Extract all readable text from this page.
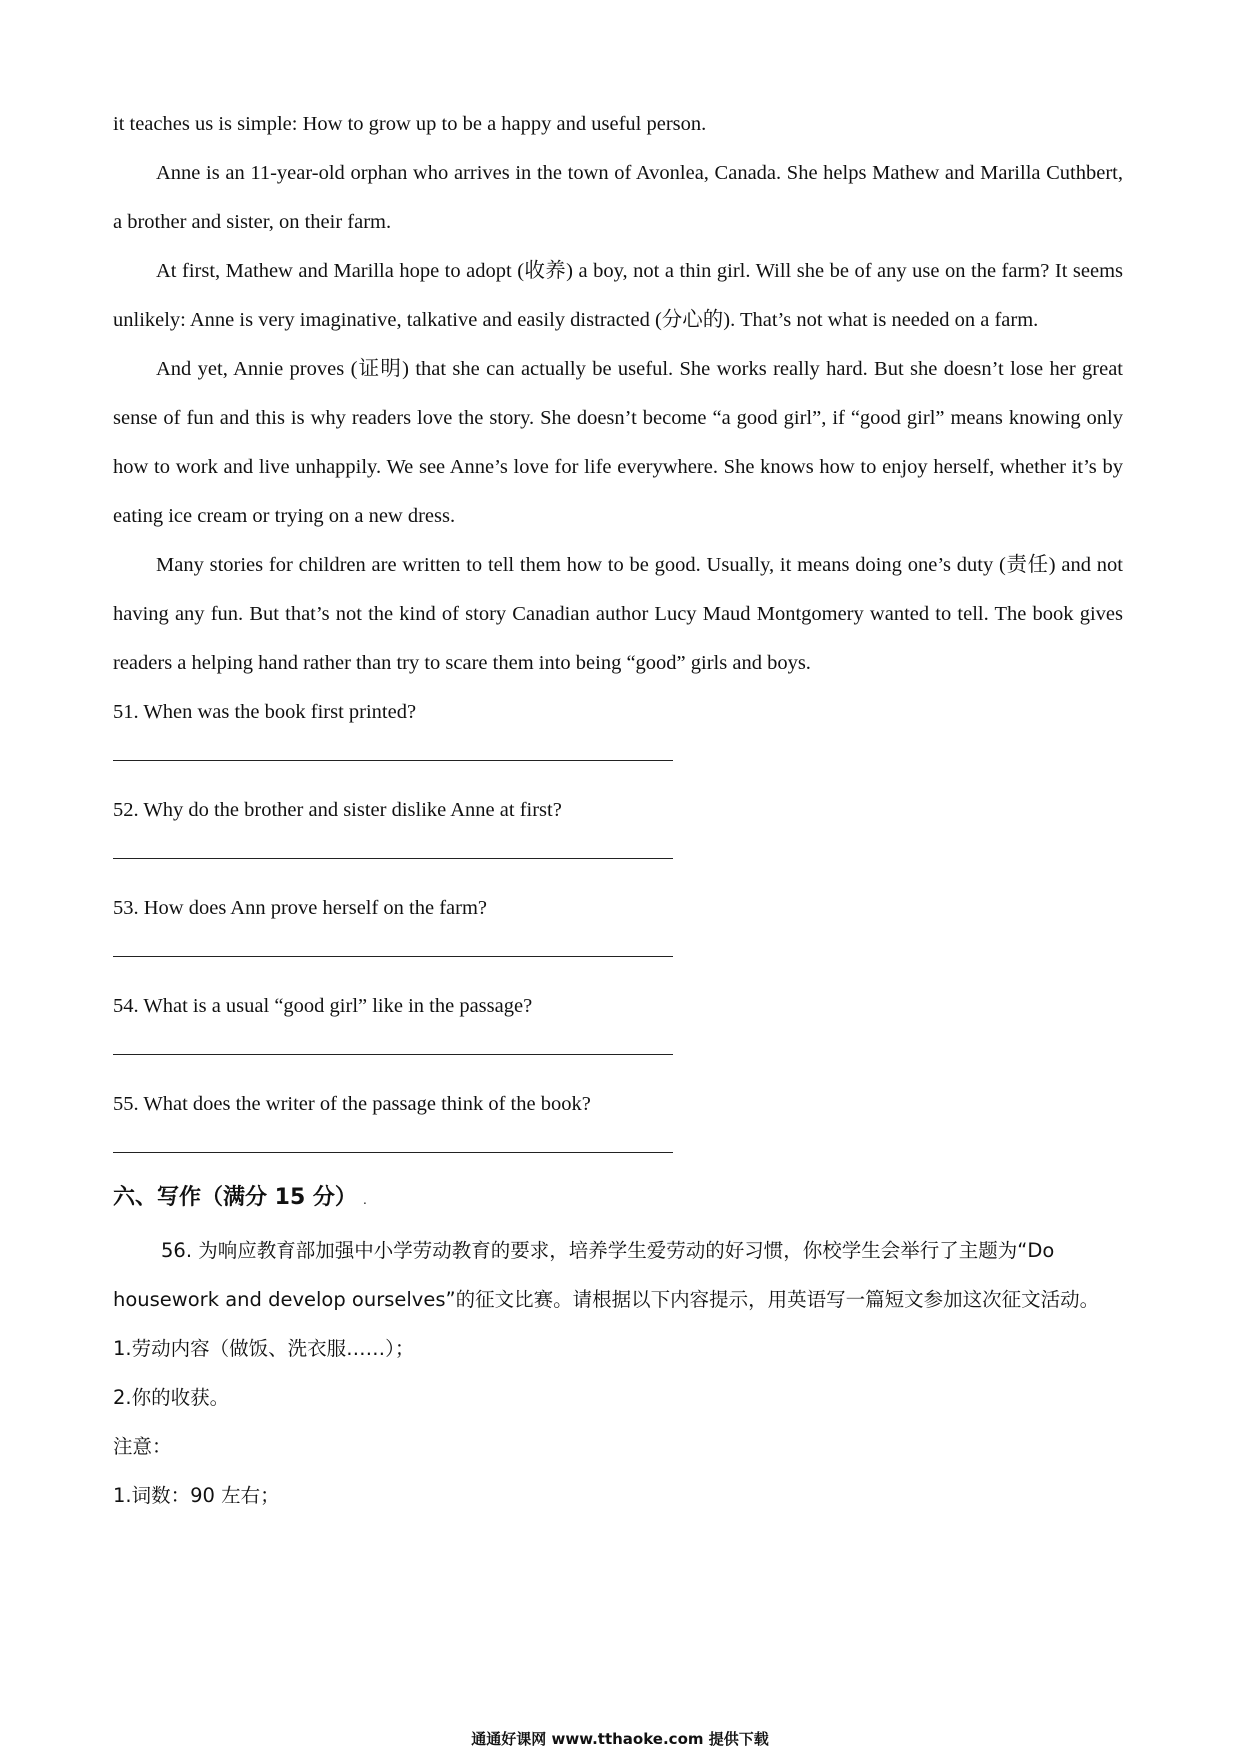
it teaches us is simple: How to grow up to be a happy and useful person.

Anne is an 11-year-old orphan who arrives in the town of Avonlea, Canada. She helps Mathew and Marilla Cuthbert, a brother and sister, on their farm.

At first, Mathew and Marilla hope to adopt (收养) a boy, not a thin girl. Will she be of any use on the farm? It seems unlikely: Anne is very imaginative, talkative and easily distracted (分心的). That’s not what is needed on a farm.

And yet, Annie proves (证明) that she can actually be useful. She works really hard. But she doesn’t lose her great sense of fun and this is why readers love the story. She doesn’t become “a good girl”, if “good girl” means knowing only how to work and live unhappily. We see Anne’s love for life everywhere. She knows how to enjoy herself, whether it’s by eating ice cream or trying on a new dress.

Many stories for children are written to tell them how to be good. Usually, it means doing one’s duty (责任) and not having any fun. But that’s not the kind of story Canadian author Lucy Maud Montgomery wanted to tell. The book gives readers a helping hand rather than try to scare them into being “good” girls and boys.

51. When was the book first printed?

52. Why do the brother and sister dislike Anne at first?

53. How does Ann prove herself on the farm?

54. What is a usual “good girl” like in the passage?

55. What does the writer of the passage think of the book?

六、写作（满分 15 分） .

56. 为响应教育部加强中小学劳动教育的要求，培养学生爱劳动的好习惯，你校学生会举行了主题为“Do housework and develop ourselves”的征文比赛。请根据以下内容提示，用英语写一篇短文参加这次征文活动。

1.劳动内容（做饭、洗衣服……）；

2.你的收获。

注意：

1.词数：90 左右；

通通好课网 www.tthaoke.com 提供下载
